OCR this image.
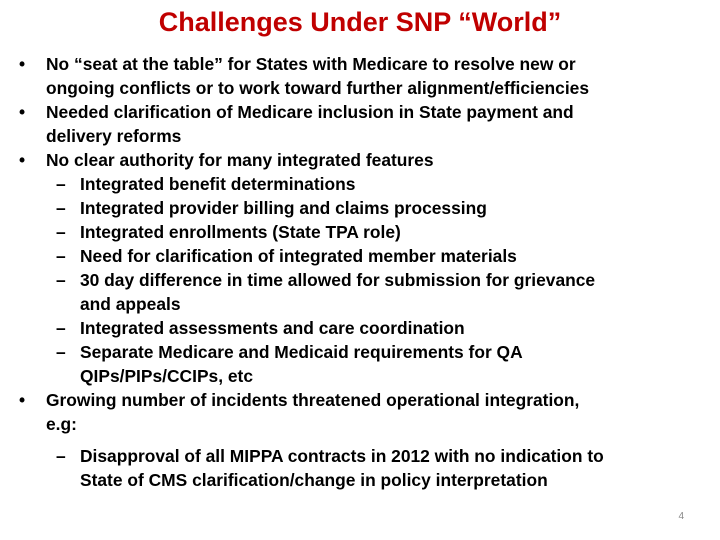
Challenges Under SNP “World”
• No “seat at the table” for States with Medicare to resolve new or
ongoing conflicts or to work toward further alignment/efficiencies
• Needed clarification of Medicare inclusion in State payment and
delivery reforms
• No clear authority for many integrated features
– Integrated benefit determinations
– Integrated provider billing and claims processing
– Integrated enrollments (State TPA role)
– Need for clarification of integrated member materials
– 30 day difference in time allowed for submission for grievance
and appeals
– Integrated assessments and care coordination
– Separate Medicare and Medicaid requirements for QA
QIPs/PIPs/CCIPs, etc
• Growing number of incidents threatened operational integration,
e.g:
– Disapproval of all MIPPA contracts in 2012 with no indication to
State of CMS clarification/change in policy interpretation
4
